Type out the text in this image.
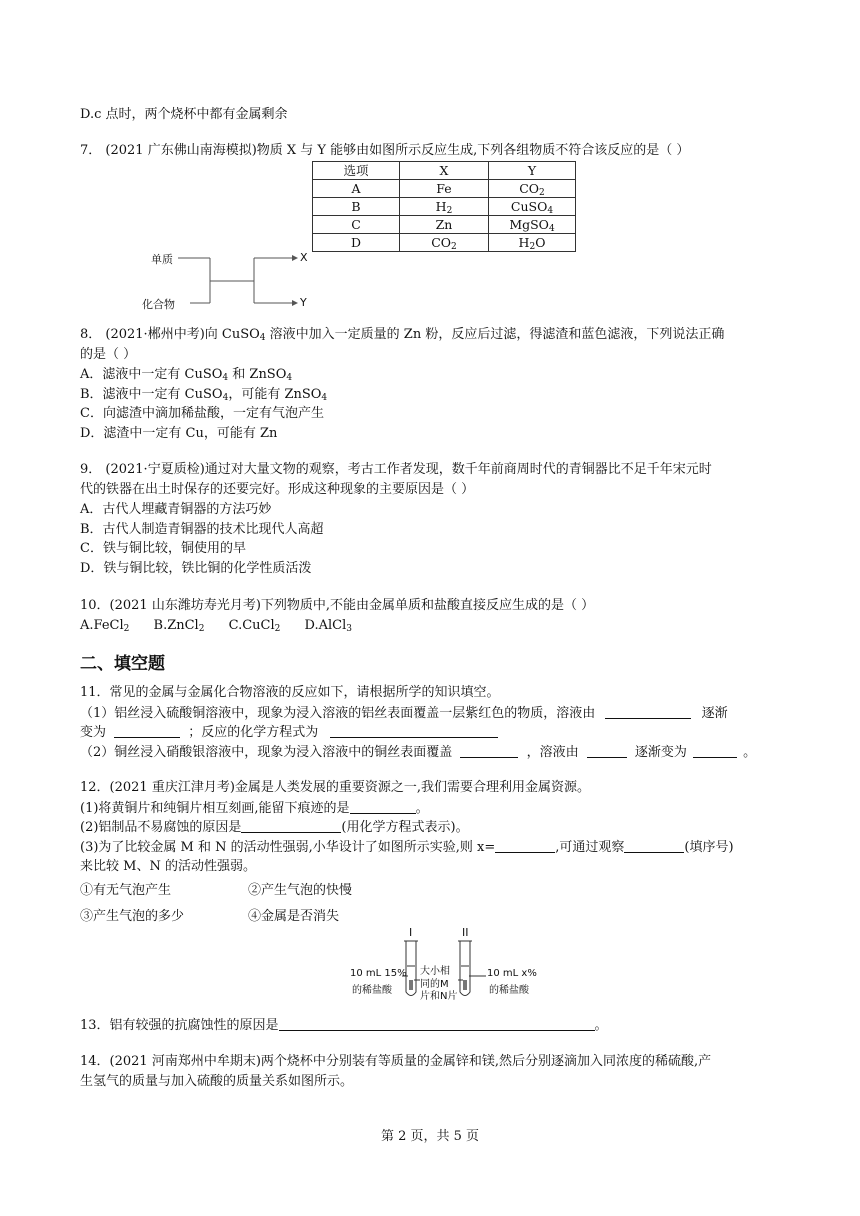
D.c 点时，两个烧杯中都有金属剩余
7． (2021 广东佛山南海模拟)物质 X 与 Y 能够由如图所示反应生成,下列各组物质不符合该反应的是（ ）
选项	X	Y
A	Fe	$CO_2$
B	$H_2$	CuSO$_4$
C	Zn	MgSO$_4$
D	$CO_2$	$H_2O$
单质
化合物
X
Y
8． (2021·郴州中考)向 CuSO$_4$ 溶液中加入一定质量的 Zn 粉，反应后过滤，得滤渣和蓝色滤液，下列说法正确
的是（ ）
A．滤液中一定有 CuSO$_4$ 和 ZnSO$_4$
B．滤液中一定有 CuSO$_4$，可能有 ZnSO$_4$
C．向滤渣中滴加稀盐酸，一定有气泡产生
D．滤渣中一定有 Cu，可能有 Zn
9． (2021·宁夏质检)通过对大量文物的观察，考古工作者发现，数千年前商周时代的青铜器比不足千年宋元时
代的铁器在出土时保存的还要完好。形成这种现象的主要原因是（ ）
A．古代人埋藏青铜器的方法巧妙
B．古代人制造青铜器的技术比现代人高超
C．铁与铜比较，铜使用的早
D．铁与铜比较，铁比铜的化学性质活泼
10．(2021 山东潍坊寿光月考)下列物质中,不能由金属单质和盐酸直接反应生成的是（ ）
A.FeCl$_2$ B.ZnCl$_2$ C.CuCl$_2$ D.AlCl$_3$
二、填空题
11．常见的金属与金属化合物溶液的反应如下，请根据所学的知识填空。
（1）铝丝浸入硫酸铜溶液中，现象为浸入溶液的铝丝表面覆盖一层紫红色的物质，溶液由	逐渐
变为	；反应的化学方程式为
（2）铜丝浸入硝酸银溶液中，现象为浸入溶液中的铜丝表面覆盖	，溶液由	逐渐变为	。
12．(2021 重庆江津月考)金属是人类发展的重要资源之一,我们需要合理利用金属资源。
(1)将黄铜片和纯铜片相互刻画,能留下痕迹的是	。
(2)铝制品不易腐蚀的原因是	(用化学方程式表示)。
(3)为了比较金属 M 和 N 的活动性强弱,小华设计了如图所示实验,则 x=	,可通过观察	(填序号)
来比较 M、N 的活动性强弱。
①有无气泡产生	②产生气泡的快慢
③产生气泡的多少	④金属是否消失
I	II
10 mL 15%
的稀盐酸
大小相
同的M
片和N片
10 mL x%
的稀盐酸
13．铝有较强的抗腐蚀性的原因是	。
14．(2021 河南郑州中牟期末)两个烧杯中分别装有等质量的金属锌和镁,然后分别逐滴加入同浓度的稀硫酸,产
生氢气的质量与加入硫酸的质量关系如图所示。
第 2 页，共 5 页
